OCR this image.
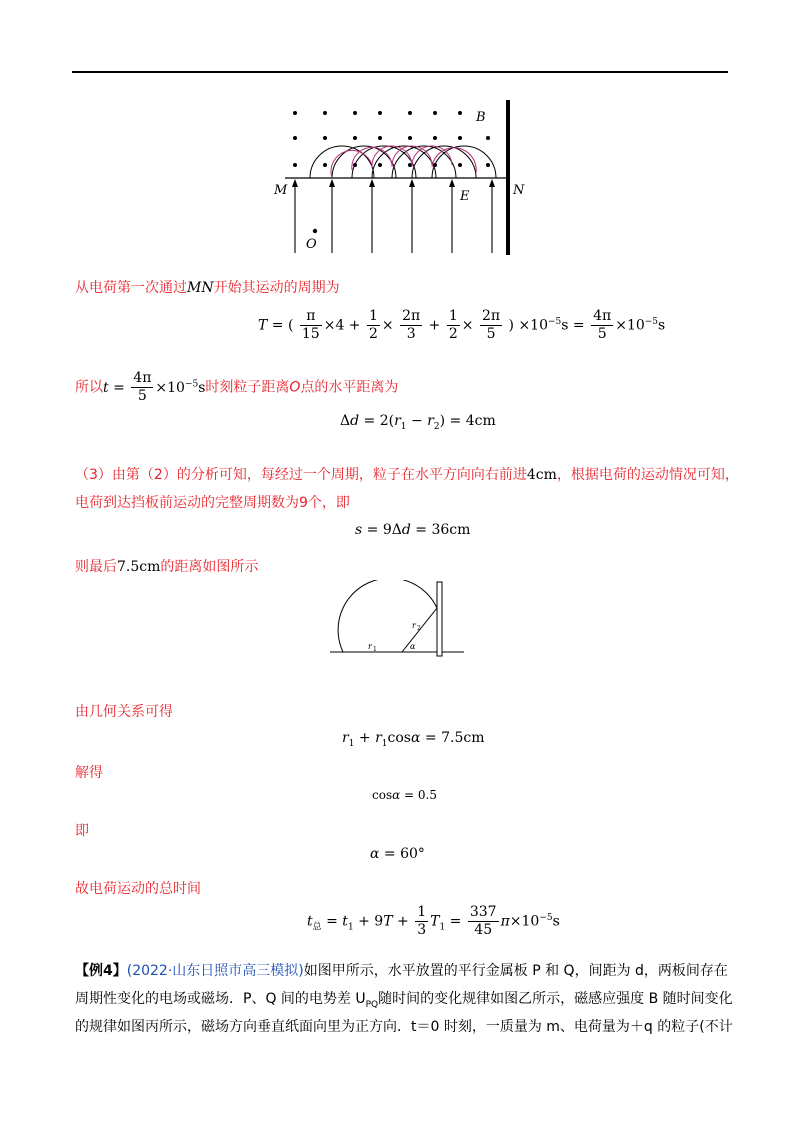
B
M	N
E
O
从电荷第一次通过MN开始其运动的周期为
T = ( $\frac{\pi}{15} \times 4 + \frac{1}{2} \times \frac{2\pi}{3} + \frac{1}{2} \times \frac{2\pi}{5}$ ) $\times 10^{-5}s = \frac{4\pi}{5} \times 10^{-5}s$
所以$t = \frac{4\pi}{5} \times 10^{-5}s$时刻粒子距离O点的水平距离为
$\Delta d = 2(r_1 - r_2) = 4cm$
（3）由第（2）的分析可知，每经过一个周期，粒子在水平方向向右前进4cm，根据电荷的运动情况可知，
电荷到达挡板前运动的完整周期数为9个，即
s = 9Δd = 36cm
则最后7.5cm的距离如图所示
r 1
r 2
α
由几何关系可得
$r_1 + r_1\cos\alpha = 7.5cm$
解得
cosα = 0.5
即
α = 60°
故电荷运动的总时间
$t_总 = t_1 + 9T + \frac{1}{3} T_1 = \frac{337}{45} \pi\times 10^{-5}s$
【例4】(2022·山东日照市高三模拟)如图甲所示，水平放置的平行金属板 P 和 Q，间距为 d，两板间存在
周期性变化的电场或磁场．P、Q 间的电势差 $U_{PQ}$随时间的变化规律如图乙所示，磁感应强度 B 随时间变化
的规律如图丙所示，磁场方向垂直纸面向里为正方向．t＝0 时刻，一质量为 m、电荷量为＋q 的粒子(不计
